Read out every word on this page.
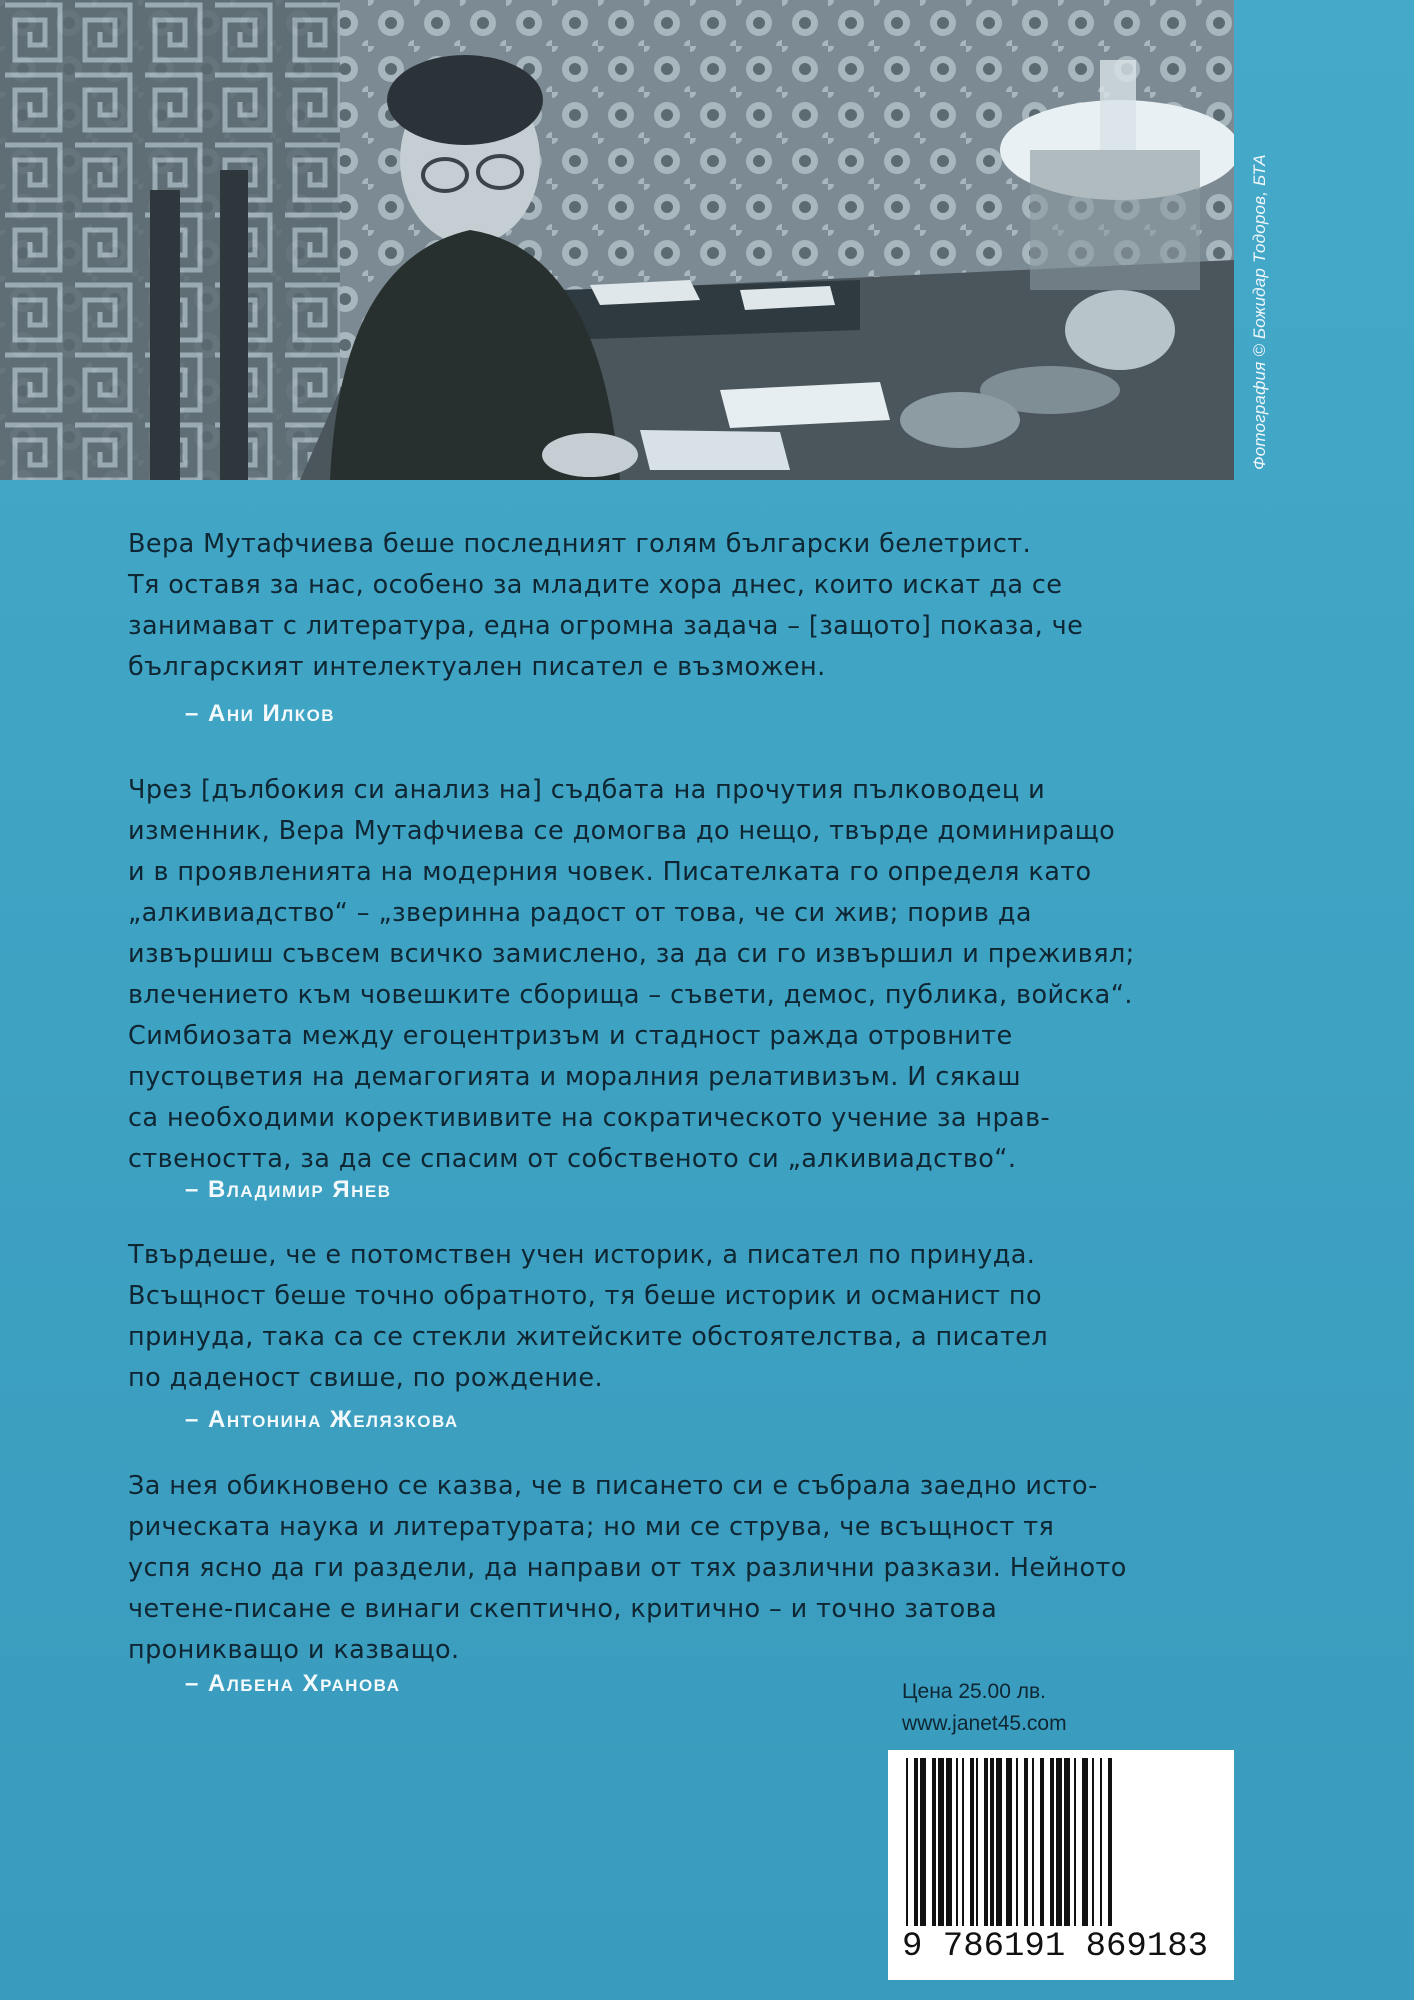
Фотография © Божидар Тодоров, БТА

Вера Мутафчиева беше последният голям български белетрист.
Тя оставя за нас, особено за младите хора днес, които искат да се
занимават с литература, една огромна задача – [защото] показа, че
българският интелектуален писател е възможен.

– Ани Илков

Чрез [дълбокия си анализ на] съдбата на прочутия пълководец и
изменник, Вера Мутафчиева се домогва до нещо, твърде доминиращо
и в проявленията на модерния човек. Писателката го определя като
„алкивиадство“ – „зверинна радост от това, че си жив; порив да
извършиш съвсем всичко замислено, за да си го извършил и преживял;
влечението към човешките сборища – съвети, демос, публика, войска“.

Симбиозата между егоцентризъм и стадност ражда отровните
пустоцветия на демагогията и моралния релативизъм. И сякаш
са необходими коректививите на сократическото учение за нрав-
ствеността, за да се спасим от собственото си „алкивиадство“.

– Владимир Янев

Твърдеше, че е потомствен учен историк, а писател по принуда.
Всъщност беше точно обратното, тя беше историк и османист по
принуда, така са се стекли житейските обстоятелства, а писател
по даденост свише, по рождение.

– Антонина Желязкова

За нея обикновено се казва, че в писането си е събрала заедно исто-
рическата наука и литературата; но ми се струва, че всъщност тя
успя ясно да ги раздели, да направи от тях различни разкази. Нейното
четене-писане е винаги скептично, критично – и точно затова
проникващо и казващо.

– Албена Хранова	Цена 25.00 лв.
www.janet45.com
9 786191 869183
